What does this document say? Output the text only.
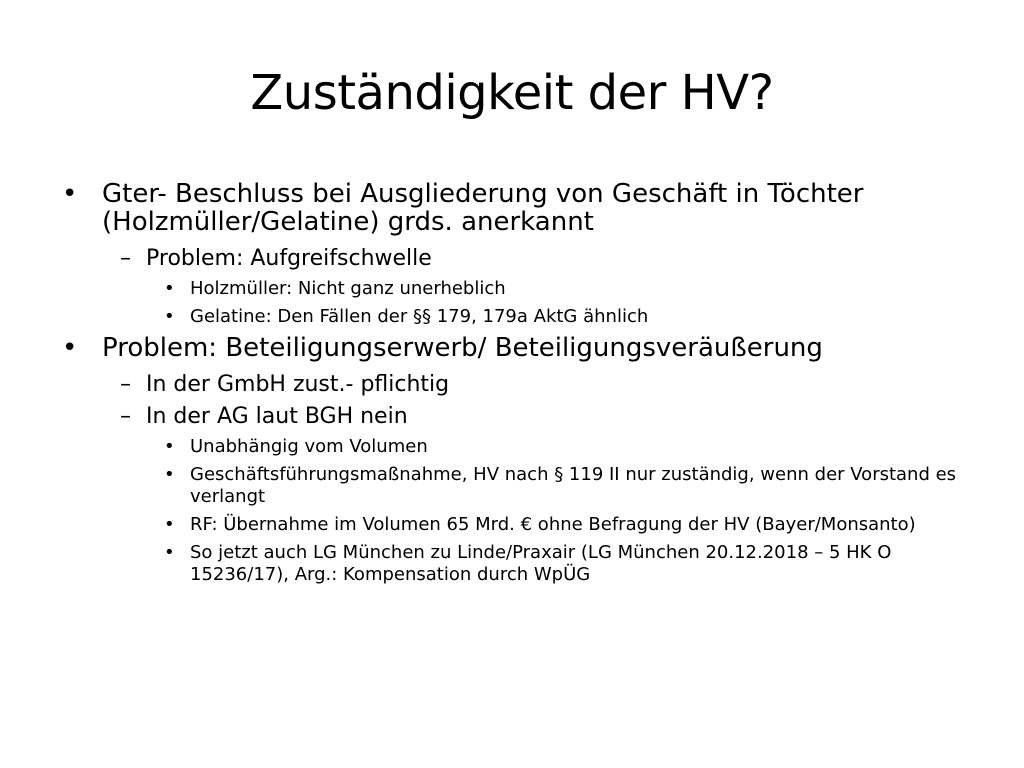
Zuständigkeit der HV?
• Gter- Beschluss bei Ausgliederung von Geschäft in Töchter (Holzmüller/Gelatine) grds. anerkannt
– Problem: Aufgreifschwelle
• Holzmüller: Nicht ganz unerheblich
• Gelatine: Den Fällen der §§ 179, 179a AktG ähnlich
• Problem: Beteiligungserwerb/ Beteiligungsveräußerung
– In der GmbH zust.- pflichtig
– In der AG laut BGH nein
• Unabhängig vom Volumen
• Geschäftsführungsmaßnahme, HV nach § 119 II nur zuständig, wenn der Vorstand es verlangt
• RF: Übernahme im Volumen 65 Mrd. € ohne Befragung der HV (Bayer/Monsanto)
• So jetzt auch LG München zu Linde/Praxair (LG München 20.12.2018 – 5 HK O 15236/17), Arg.: Kompensation durch WpÜG
